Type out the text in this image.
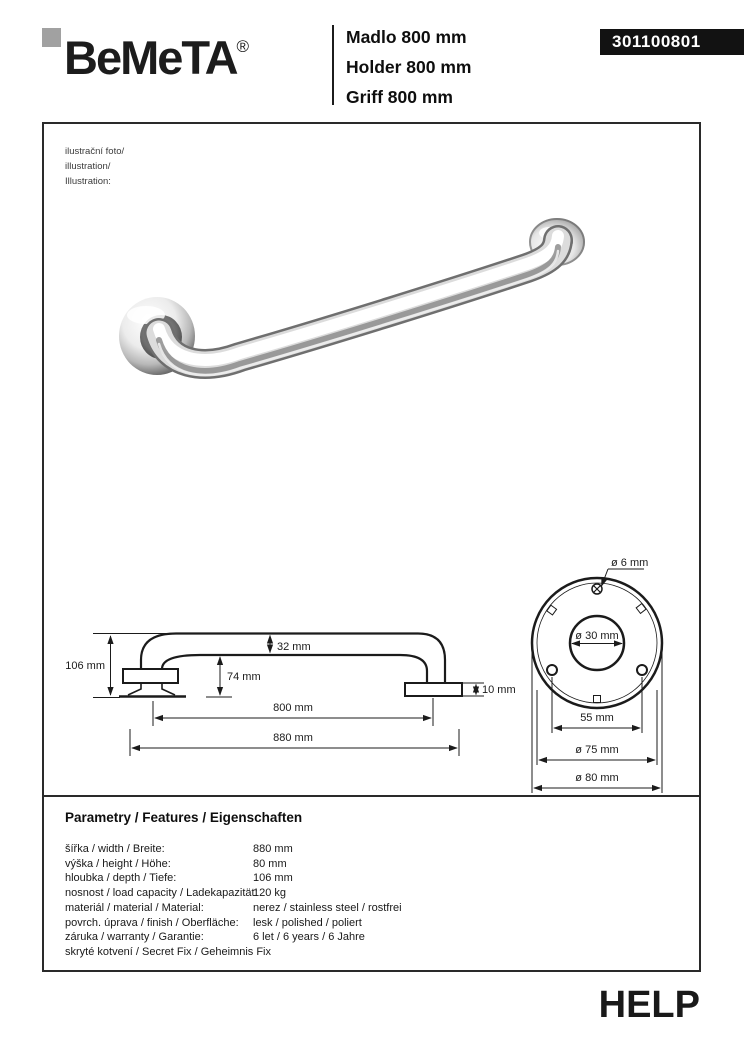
BeMeTA®	Madlo 800 mm
Holder 800 mm
Griff 800 mm
301100801
ilustrační foto/
illustration/
Illustration:
106 mm
32 mm
74 mm
10 mm
800 mm
880 mm
ø 6 mm
ø 30 mm
55 mm
ø 75 mm
ø 80 mm
Parametry / Features / Eigenschaften
šířka / width / Breite:	880 mm
výška / height / Höhe:	80 mm
hloubka / depth / Tiefe:	106 mm
nosnost / load capacity / Ladekapazität:120 kg
materiál / material / Material:	nerez / stainless steel / rostfrei
povrch. úprava / finish / Oberfläche: lesk / polished / poliert
záruka / warranty / Garantie:	6 let / 6 years / 6 Jahre
skryté kotvení / Secret Fix / Geheimnis Fix
HELP
